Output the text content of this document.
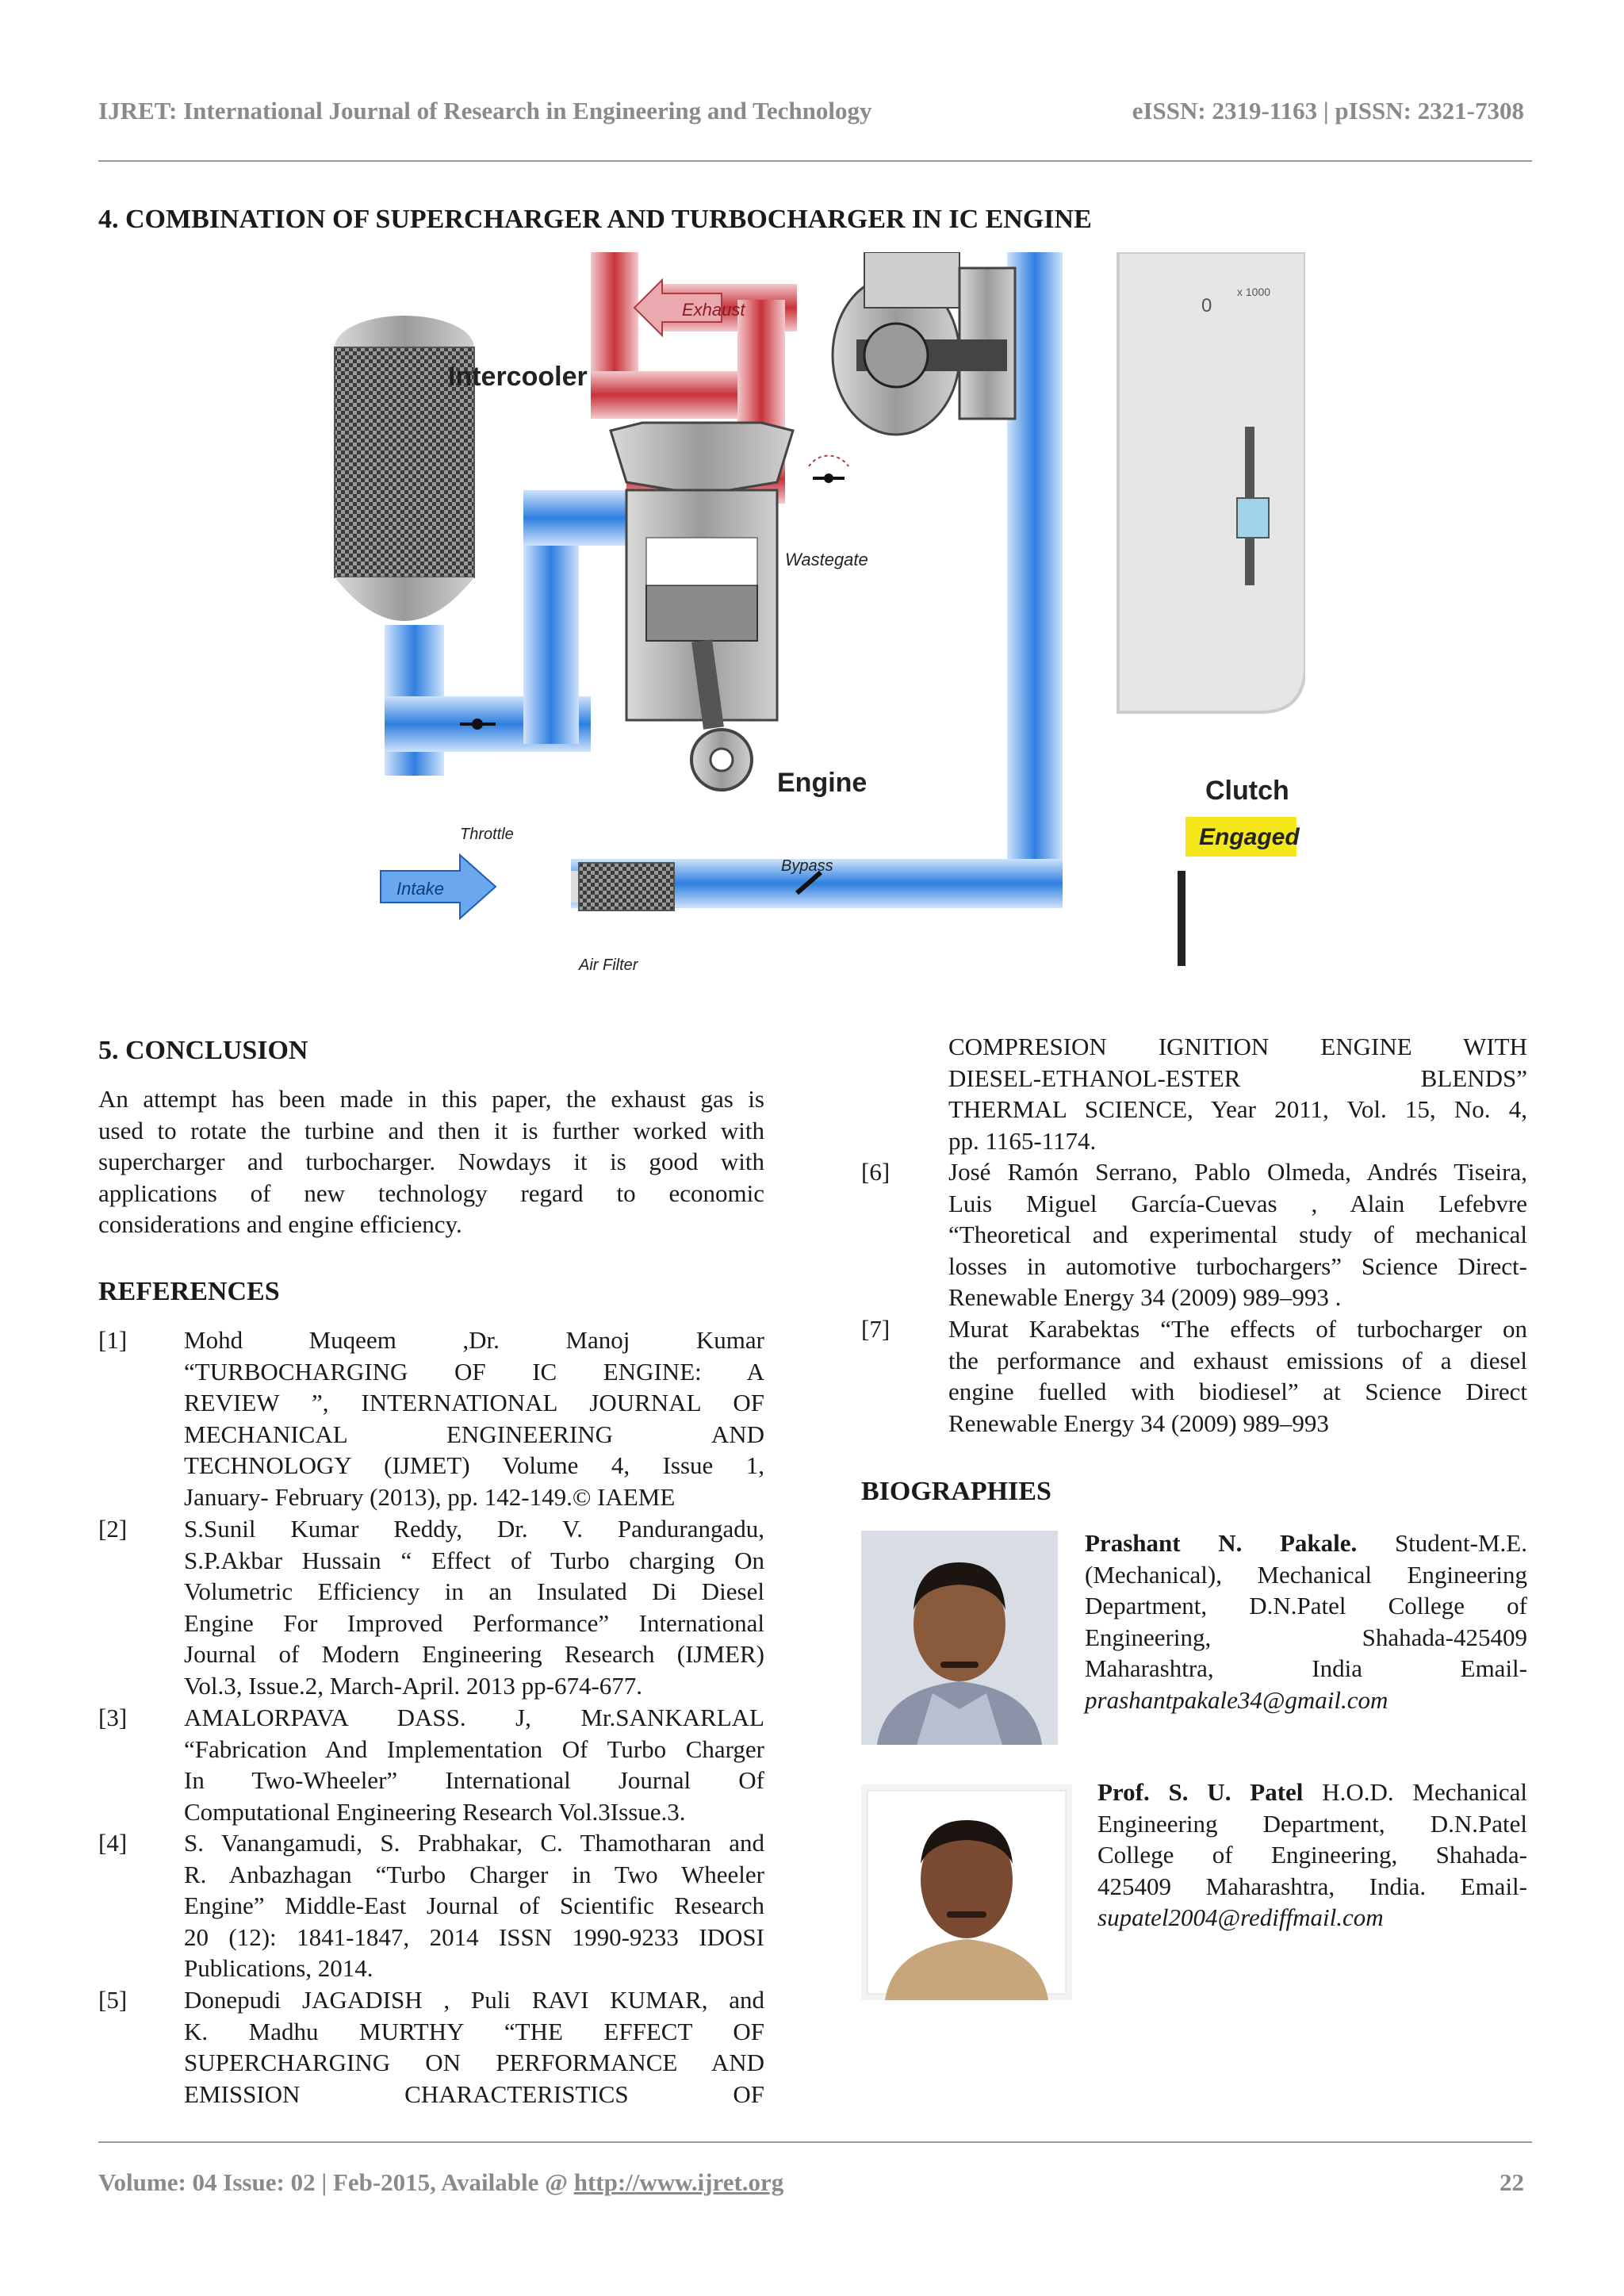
IJRET: International Journal of Research in Engineering and Technology	eISSN: 2319-1163 | pISSN: 2321-7308
4. COMBINATION OF SUPERCHARGER AND TURBOCHARGER IN IC ENGINE
Exhaust
Wastegate
Throttle
Bypass
Intercooler
Engine
Intake
Air Filter
0
x 1000
Clutch
Engaged
5. CONCLUSION
An attempt has been made in this paper, the exhaust gas is
used to rotate the turbine and then it is further worked with
supercharger and turbocharger. Nowdays it is good with
applications of new technology regard to economic
considerations and engine efficiency.
REFERENCES
[1] Mohd Muqeem ,Dr. Manoj Kumar
“TURBOCHARGING OF IC ENGINE: A
REVIEW ”, INTERNATIONAL JOURNAL OF
MECHANICAL ENGINEERING AND
TECHNOLOGY (IJMET) Volume 4, Issue 1,
January- February (2013), pp. 142-149.© IAEME
[2] S.Sunil Kumar Reddy, Dr. V. Pandurangadu,
S.P.Akbar Hussain “ Effect of Turbo charging On
Volumetric Efficiency in an Insulated Di Diesel
Engine For Improved Performance” International
Journal of Modern Engineering Research (IJMER)
Vol.3, Issue.2, March-April. 2013 pp-674-677.
[3] AMALORPAVA DASS. J, Mr.SANKARLAL
“Fabrication And Implementation Of Turbo Charger
In Two-Wheeler” International Journal Of
Computational Engineering Research Vol.3Issue.3.
[4] S. Vanangamudi, S. Prabhakar, C. Thamotharan and
R. Anbazhagan “Turbo Charger in Two Wheeler
Engine” Middle-East Journal of Scientific Research
20 (12): 1841-1847, 2014 ISSN 1990-9233 IDOSI
Publications, 2014.
[5] Donepudi JAGADISH , Puli RAVI KUMAR, and
K. Madhu MURTHY “THE EFFECT OF
SUPERCHARGING ON PERFORMANCE AND
EMISSION CHARACTERISTICS OF
COMPRESION IGNITION ENGINE WITH
DIESEL-ETHANOL-ESTER BLENDS”
THERMAL SCIENCE, Year 2011, Vol. 15, No. 4,
pp. 1165-1174.
[6] José Ramón Serrano, Pablo Olmeda, Andrés Tiseira,
Luis Miguel García-Cuevas , Alain Lefebvre
“Theoretical and experimental study of mechanical
losses in automotive turbochargers” Science Direct-
Renewable Energy 34 (2009) 989–993 .
[7] Murat Karabektas “The effects of turbocharger on
the performance and exhaust emissions of a diesel
engine fuelled with biodiesel” at Science Direct
Renewable Energy 34 (2009) 989–993
BIOGRAPHIES
Prashant N. Pakale. Student-M.E.
(Mechanical), Mechanical Engineering
Department, D.N.Patel College of
Engineering, Shahada-425409
Maharashtra, India Email-
prashantpakale34@gmail.com
Prof. S. U. Patel H.O.D. Mechanical
Engineering Department, D.N.Patel
College of Engineering, Shahada-
425409 Maharashtra, India. Email-
supatel2004@rediffmail.com
Volume: 04 Issue: 02 | Feb-2015, Available @ http://www.ijret.org	22
